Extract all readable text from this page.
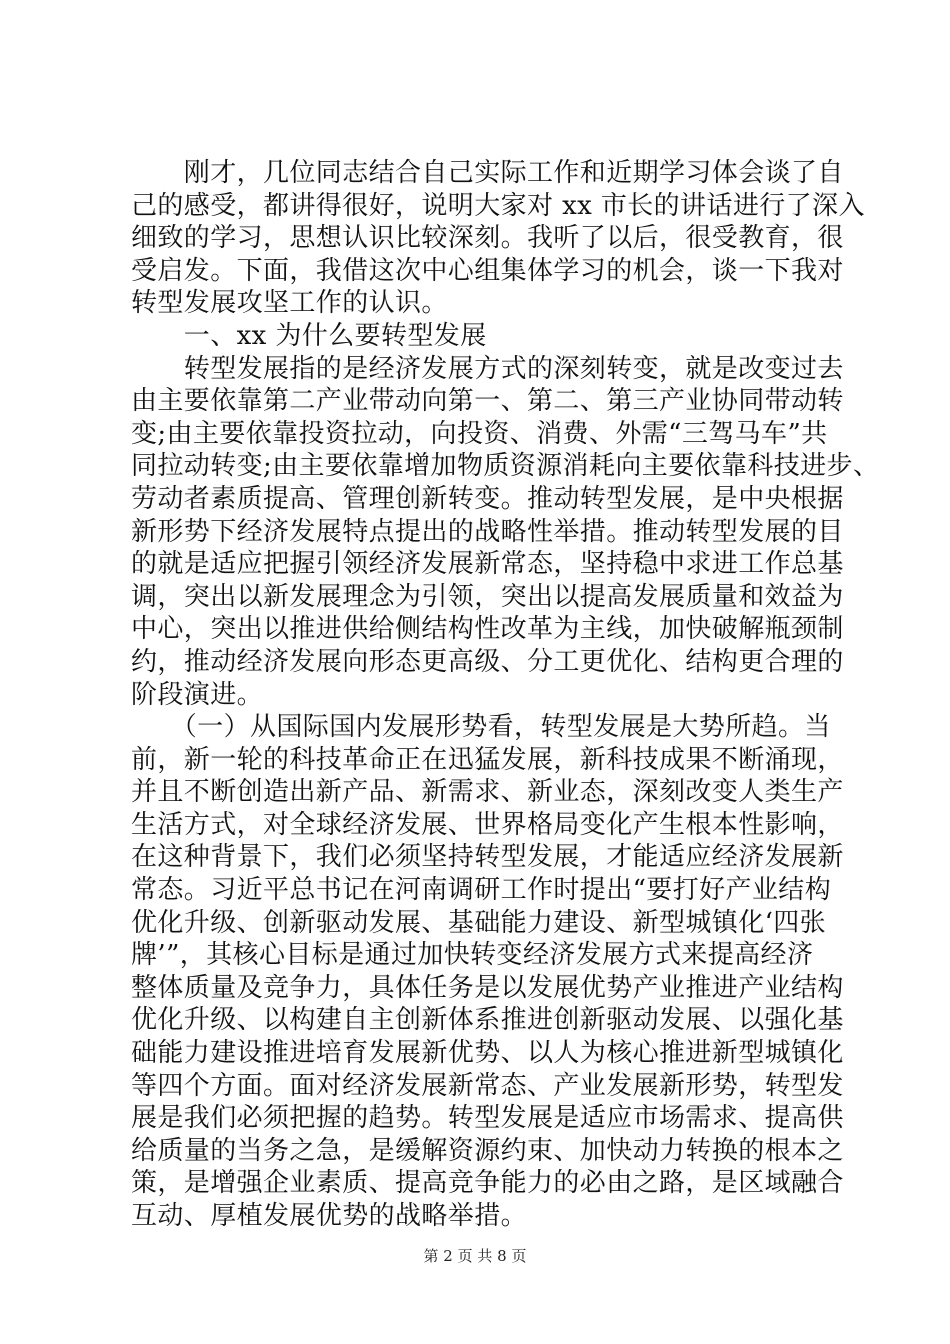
　　刚才，几位同志结合自己实际工作和近期学习体会谈了自
己的感受，都讲得很好，说明大家对 xx 市长的讲话进行了深入
细致的学习，思想认识比较深刻。我听了以后，很受教育，很
受启发。下面，我借这次中心组集体学习的机会，谈一下我对
转型发展攻坚工作的认识。
　　一、xx 为什么要转型发展
　　转型发展指的是经济发展方式的深刻转变，就是改变过去
由主要依靠第二产业带动向第一、第二、第三产业协同带动转
变;由主要依靠投资拉动，向投资、消费、外需“三驾马车”共
同拉动转变;由主要依靠增加物质资源消耗向主要依靠科技进步、
劳动者素质提高、管理创新转变。推动转型发展，是中央根据
新形势下经济发展特点提出的战略性举措。推动转型发展的目
的就是适应把握引领经济发展新常态，坚持稳中求进工作总基
调，突出以新发展理念为引领，突出以提高发展质量和效益为
中心，突出以推进供给侧结构性改革为主线，加快破解瓶颈制
约，推动经济发展向形态更高级、分工更优化、结构更合理的
阶段演进。
　　（一）从国际国内发展形势看，转型发展是大势所趋。当
前，新一轮的科技革命正在迅猛发展，新科技成果不断涌现，
并且不断创造出新产品、新需求、新业态，深刻改变人类生产
生活方式，对全球经济发展、世界格局变化产生根本性影响，
在这种背景下，我们必须坚持转型发展，才能适应经济发展新
常态。习近平总书记在河南调研工作时提出“要打好产业结构
优化升级、创新驱动发展、基础能力建设、新型城镇化‘四张
牌’”，其核心目标是通过加快转变经济发展方式来提高经济
整体质量及竞争力，具体任务是以发展优势产业推进产业结构
优化升级、以构建自主创新体系推进创新驱动发展、以强化基
础能力建设推进培育发展新优势、以人为核心推进新型城镇化
等四个方面。面对经济发展新常态、产业发展新形势，转型发
展是我们必须把握的趋势。转型发展是适应市场需求、提高供
给质量的当务之急，是缓解资源约束、加快动力转换的根本之
策，是增强企业素质、提高竞争能力的必由之路，是区域融合
互动、厚植发展优势的战略举措。
第 2 页 共 8 页
